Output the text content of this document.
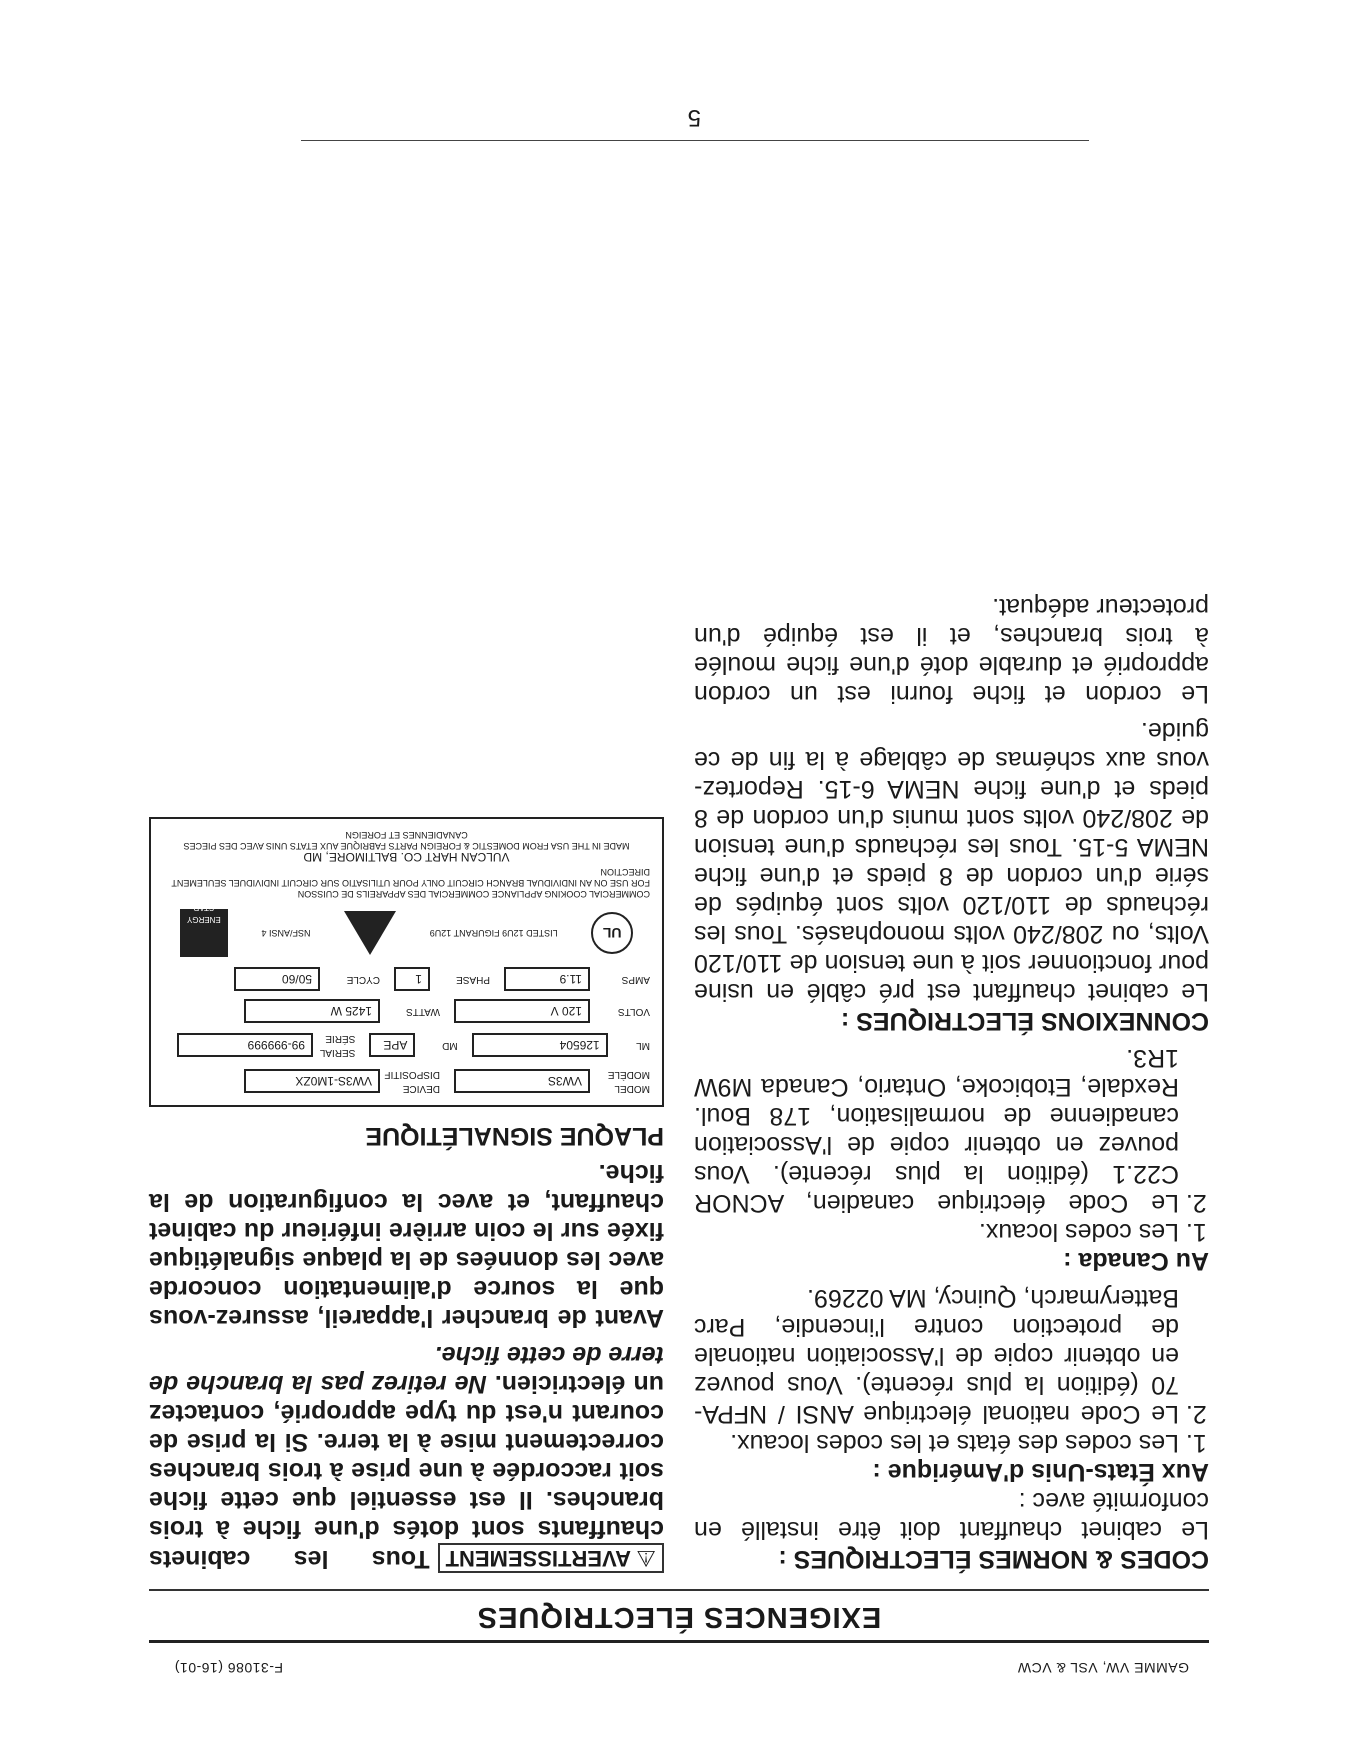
GAMME VW, VSL & VCW
F-31086 (16-01)
EXIGENCES ÉLECTRIQUES

CODES & NORMES ÉLECTRIQUES :

Le cabinet chauffant doit être installé en conformité avec :

Aux États-Unis d'Amérique :

1. Les codes des états et les codes locaux.
2. Le Code national électrique ANSI / NFPA-70 (édition la plus récente). Vous pouvez en obtenir copie de l'Association nationale de protection contre l'incendie, Parc Batterymarch, Quincy, MA 02269.

Au Canada :

1. Les codes locaux.
2. Le Code électrique canadien, ACNOR C22.1 (édition la plus récente). Vous pouvez en obtenir copie de l'Association canadienne de normalisation, 178 Boul. Rexdale, Etobicoke, Ontario, Canada M9W 1R3.

CONNEXIONS ÉLECTRIQUES :

Le cabinet chauffant est pré câblé en usine pour fonctionner soit à une tension de 110/120 Volts, ou 208/240 volts monophasés. Tous les réchauds de 110/120 volts sont équipés de série d'un cordon de 8 pieds et d'une fiche NEMA 5-15. Tous les réchauds d'une tension de 208/240 volts sont munis d'un cordon de 8 pieds et d'une fiche NEMA 6-15. Reportez-vous aux schémas de câblage à la fin de ce guide.

Le cordon et fiche fourni est un cordon approprié et durable doté d'une fiche moulée à trois branches, et il est équipé d'un protecteur adéquat.

⚠ AVERTISSEMENTTous les cabinets chauffants sont dotés d'une fiche à trois branches. Il est essentiel que cette fiche soit raccordée à une prise à trois branches correctement mise à la terre. Si la prise de courant n'est du type approprié, contactez un électricien. Ne retirez pas la branche de terre de cette fiche.

Avant de brancher l'appareil, assurez-vous que la source d'alimentation concorde avec les données de la plaque signalétique fixée sur le coin arrière inférieur du cabinet chauffant, et avec la configuration de la fiche.

PLAQUE SIGNALÉTIQUE

MODEL MODÈLE
VW3S
DEVICE DISPOSITIF
VW3S-1M0ZX
ML
126504
MD
APE
SERIAL SÉRIE
99-999999
VOLTS
120 V
WATTS
1425 W
AMPS
11.9
PHASE
1
CYCLE
50/60
UL
LISTED 12U9 FIGURANT 12U9
NSF/ANSI 4
ENERGY STAR
COMMERCIAL COOKING APPLIANCE COMMERCIAL DES APPAREILS DE CUISSON
FOR USE ON AN INDIVIDUAL BRANCH CIRCUIT ONLY POUR UTILISATIO SUR CIRCUIT INDIVIDUEL SEULEMENT DIRECTION
VULCAN HART CO. BALTIMORE, MD
MADE IN THE USA FROM DOMESTIC & FOREIGN PARTS FABRIQUE AUX ETATS UNIS AVEC DES PIECES CANADIENNES ET FOREIGN
5
